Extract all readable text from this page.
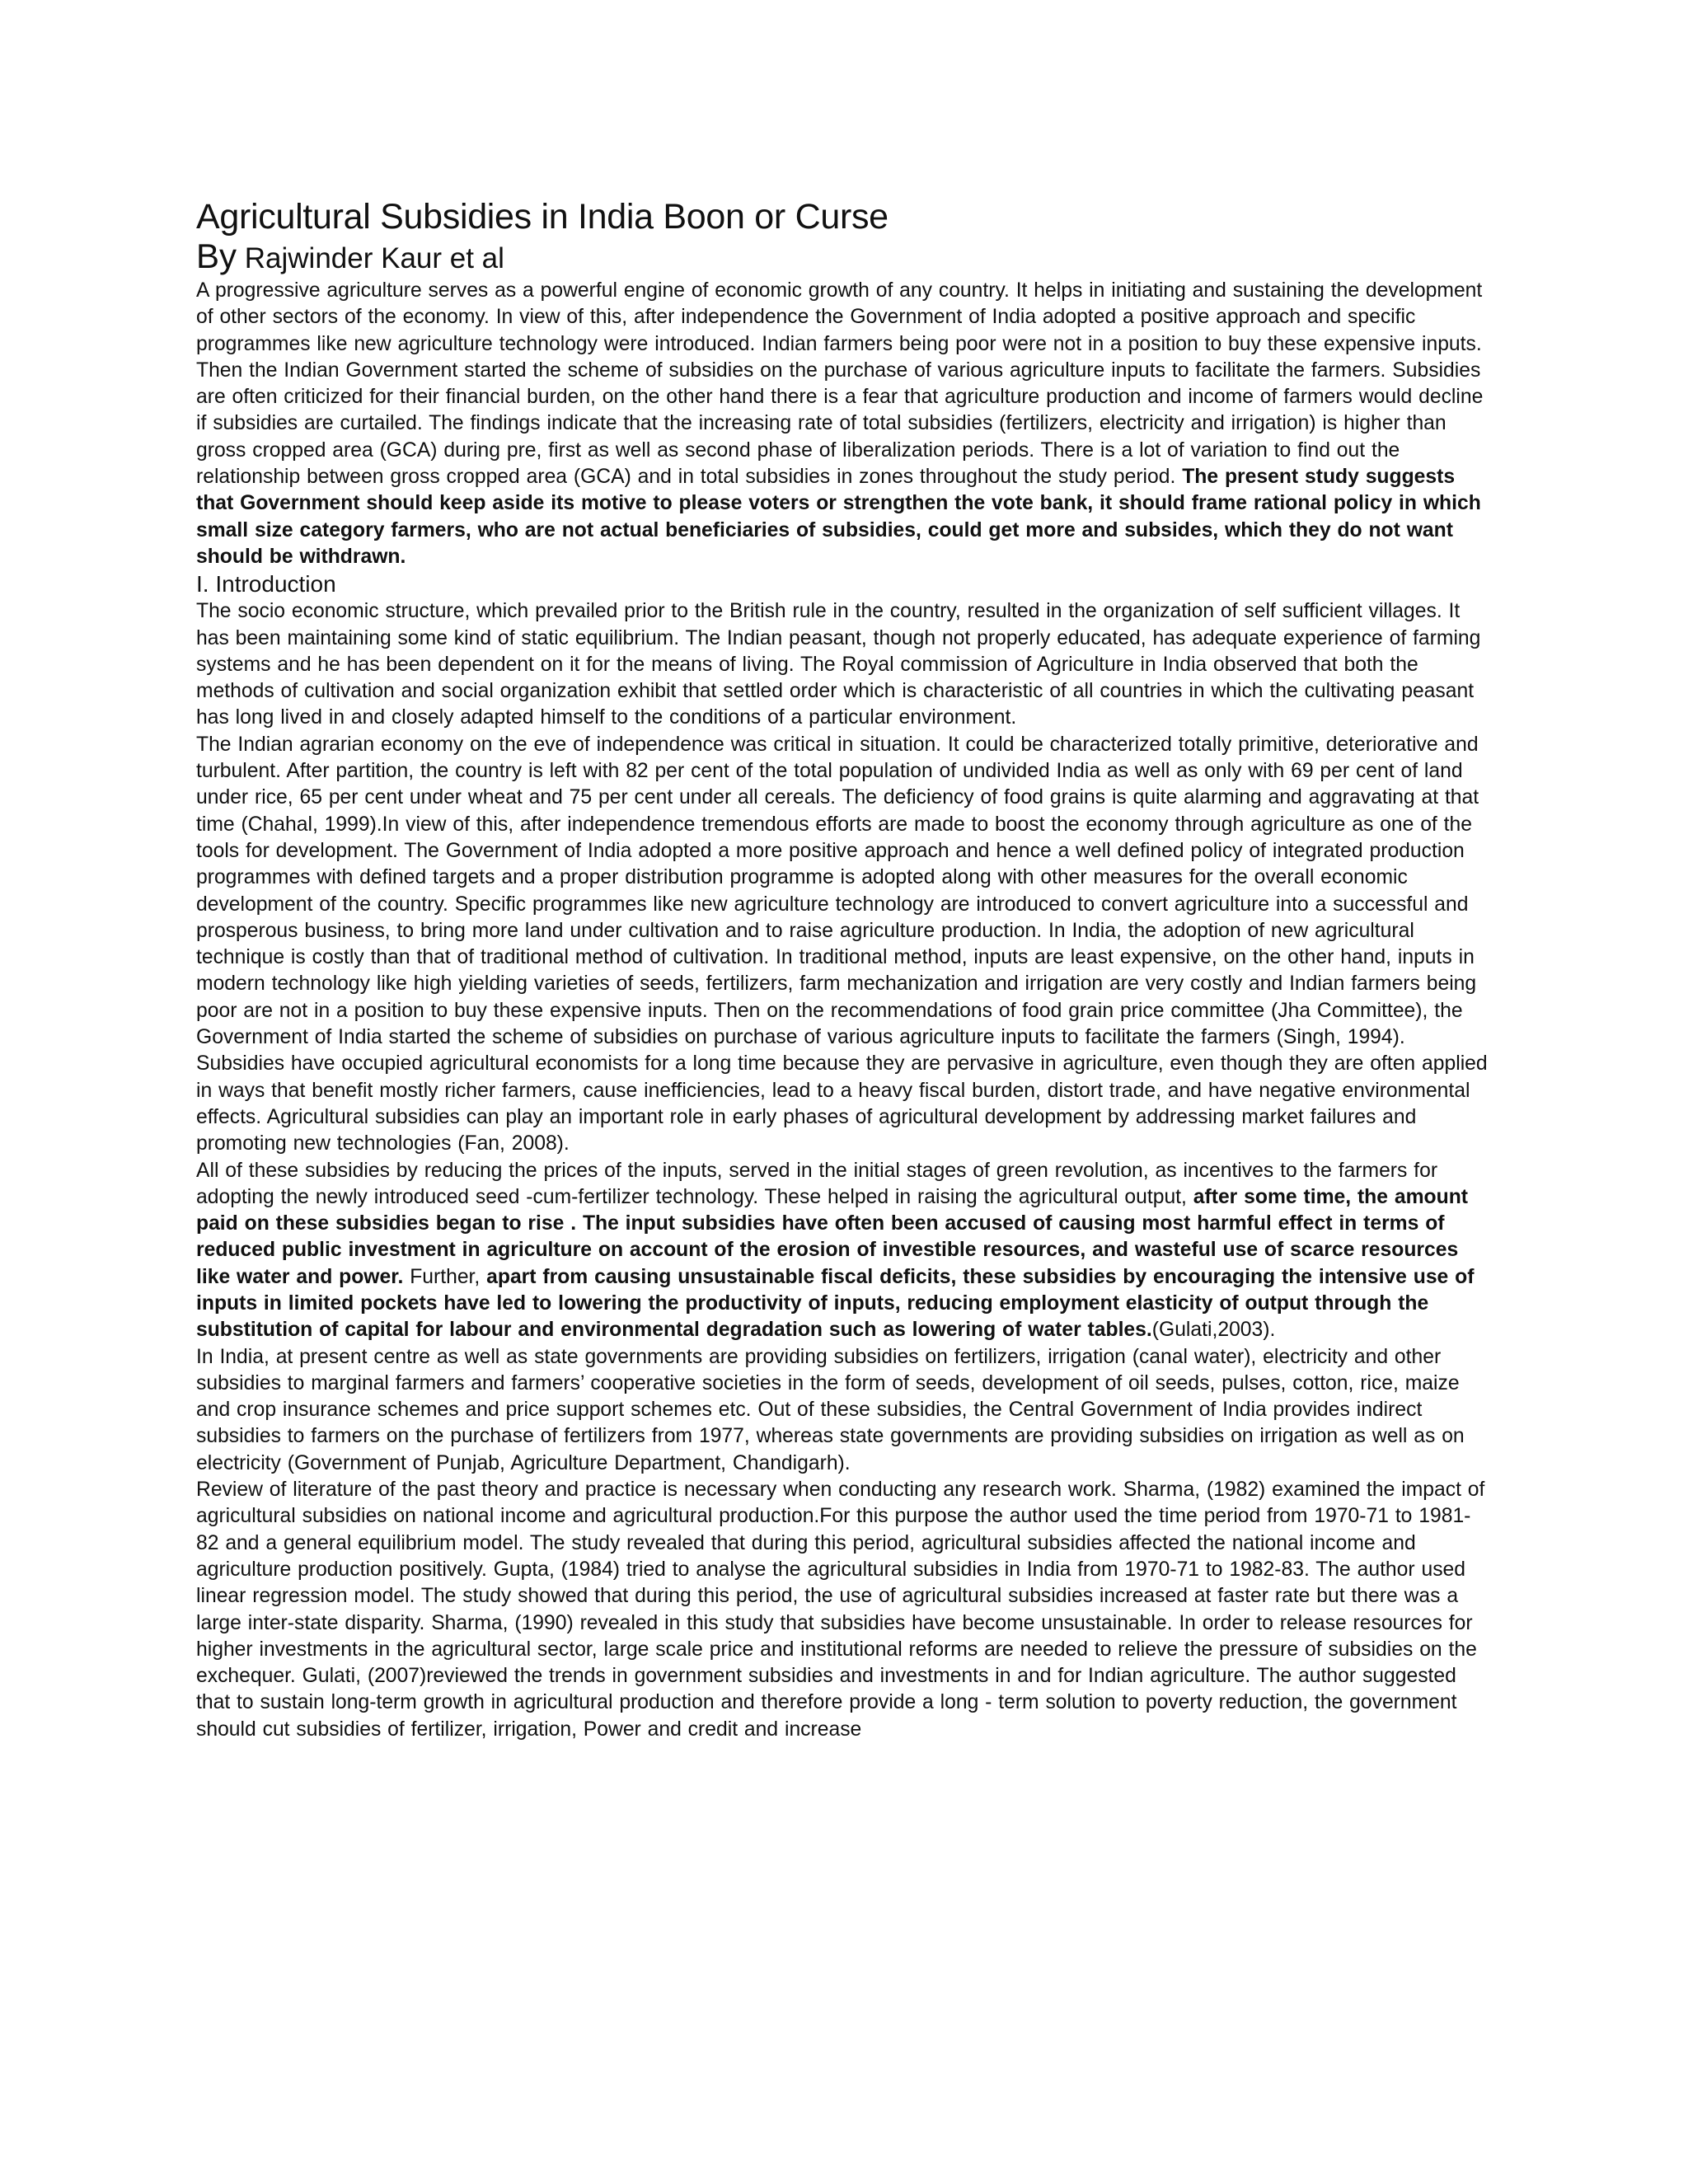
Agricultural Subsidies in India Boon or Curse

By Rajwinder Kaur et al

A progressive agriculture serves as a powerful engine of economic growth of any country. It helps in initiating and sustaining the development of other sectors of the economy. In view of this, after independence the Government of India adopted a positive approach and specific programmes like new agriculture technology were introduced. Indian farmers being poor were not in a position to buy these expensive inputs. Then the Indian Government started the scheme of subsidies on the purchase of various agriculture inputs to facilitate the farmers. Subsidies are often criticized for their financial burden, on the other hand there is a fear that agriculture production and income of farmers would decline if subsidies are curtailed. The findings indicate that the increasing rate of total subsidies (fertilizers, electricity and irrigation) is higher than gross cropped area (GCA) during pre, first as well as second phase of liberalization periods. There is a lot of variation to find out the relationship between gross cropped area (GCA) and in total subsidies in zones throughout the study period. The present study suggests that Government should keep aside its motive to please voters or strengthen the vote bank, it should frame rational policy in which small size category farmers, who are not actual beneficiaries of subsidies, could get more and subsides, which they do not want should be withdrawn.

I. Introduction

The socio economic structure, which prevailed prior to the British rule in the country, resulted in the organization of self sufficient villages. It has been maintaining some kind of static equilibrium. The Indian peasant, though not properly educated, has adequate experience of farming systems and he has been dependent on it for the means of living. The Royal commission of Agriculture in India observed that both the methods of cultivation and social organization exhibit that settled order which is characteristic of all countries in which the cultivating peasant has long lived in and closely adapted himself to the conditions of a particular environment.

The Indian agrarian economy on the eve of independence was critical in situation. It could be characterized totally primitive, deteriorative and turbulent. After partition, the country is left with 82 per cent of the total population of undivided India as well as only with 69 per cent of land under rice, 65 per cent under wheat and 75 per cent under all cereals. The deficiency of food grains is quite alarming and aggravating at that time (Chahal, 1999).In view of this, after independence tremendous efforts are made to boost the economy through agriculture as one of the tools for development. The Government of India adopted a more positive approach and hence a well defined policy of integrated production programmes with defined targets and a proper distribution programme is adopted along with other measures for the overall economic development of the country. Specific programmes like new agriculture technology are introduced to convert agriculture into a successful and prosperous business, to bring more land under cultivation and to raise agriculture production. In India, the adoption of new agricultural technique is costly than that of traditional method of cultivation. In traditional method, inputs are least expensive, on the other hand, inputs in modern technology like high yielding varieties of seeds, fertilizers, farm mechanization and irrigation are very costly and Indian farmers being poor are not in a position to buy these expensive inputs. Then on the recommendations of food grain price committee (Jha Committee), the Government of India started the scheme of subsidies on purchase of various agriculture inputs to facilitate the farmers (Singh, 1994).

Subsidies have occupied agricultural economists for a long time because they are pervasive in agriculture, even though they are often applied in ways that benefit mostly richer farmers, cause inefficiencies, lead to a heavy fiscal burden, distort trade, and have negative environmental effects. Agricultural subsidies can play an important role in early phases of agricultural development by addressing market failures and promoting new technologies (Fan, 2008).

All of these subsidies by reducing the prices of the inputs, served in the initial stages of green revolution, as incentives to the farmers for adopting the newly introduced seed -cum-fertilizer technology. These helped in raising the agricultural output, after some time, the amount paid on these subsidies began to rise . The input subsidies have often been accused of causing most harmful effect in terms of reduced public investment in agriculture on account of the erosion of investible resources, and wasteful use of scarce resources like water and power. Further, apart from causing unsustainable fiscal deficits, these subsidies by encouraging the intensive use of inputs in limited pockets have led to lowering the productivity of inputs, reducing employment elasticity of output through the substitution of capital for labour and environmental degradation such as lowering of water tables.(Gulati,2003).

In India, at present centre as well as state governments are providing subsidies on fertilizers, irrigation (canal water), electricity and other subsidies to marginal farmers and farmers’ cooperative societies in the form of seeds, development of oil seeds, pulses, cotton, rice, maize and crop insurance schemes and price support schemes etc. Out of these subsidies, the Central Government of India provides indirect subsidies to farmers on the purchase of fertilizers from 1977, whereas state governments are providing subsidies on irrigation as well as on electricity (Government of Punjab, Agriculture Department, Chandigarh).

Review of literature of the past theory and practice is necessary when conducting any research work. Sharma, (1982) examined the impact of agricultural subsidies on national income and agricultural production.For this purpose the author used the time period from 1970-71 to 1981-82 and a general equilibrium model. The study revealed that during this period, agricultural subsidies affected the national income and agriculture production positively. Gupta, (1984) tried to analyse the agricultural subsidies in India from 1970-71 to 1982-83. The author used linear regression model. The study showed that during this period, the use of agricultural subsidies increased at faster rate but there was a large inter-state disparity. Sharma, (1990) revealed in this study that subsidies have become unsustainable. In order to release resources for higher investments in the agricultural sector, large scale price and institutional reforms are needed to relieve the pressure of subsidies on the exchequer. Gulati, (2007)reviewed the trends in government subsidies and investments in and for Indian agriculture. The author suggested that to sustain long-term growth in agricultural production and therefore provide a long - term solution to poverty reduction, the government should cut subsidies of fertilizer, irrigation, Power and credit and increase
